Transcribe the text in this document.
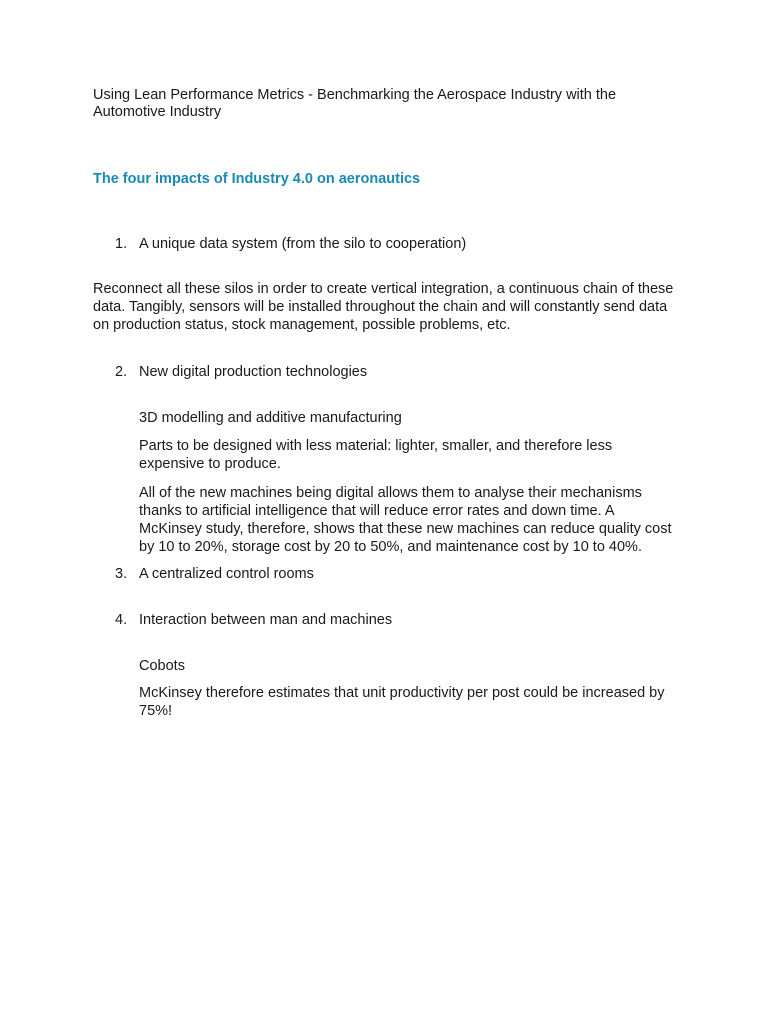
Using Lean Performance Metrics - Benchmarking the Aerospace Industry with the Automotive Industry

The four impacts of Industry 4.0 on aeronautics

1. A unique data system (from the silo to cooperation)

Reconnect all these silos in order to create vertical integration, a continuous chain of these data. Tangibly, sensors will be installed throughout the chain and will constantly send data on production status, stock management, possible problems, etc.

2. New digital production technologies

3D modelling and additive manufacturing

Parts to be designed with less material: lighter, smaller, and therefore less expensive to produce.

All of the new machines being digital allows them to analyse their mechanisms thanks to artificial intelligence that will reduce error rates and down time. A McKinsey study, therefore, shows that these new machines can reduce quality cost by 10 to 20%, storage cost by 20 to 50%, and maintenance cost by 10 to 40%.

3. A centralized control rooms
4. Interaction between man and machines

Cobots

McKinsey therefore estimates that unit productivity per post could be increased by 75%!
